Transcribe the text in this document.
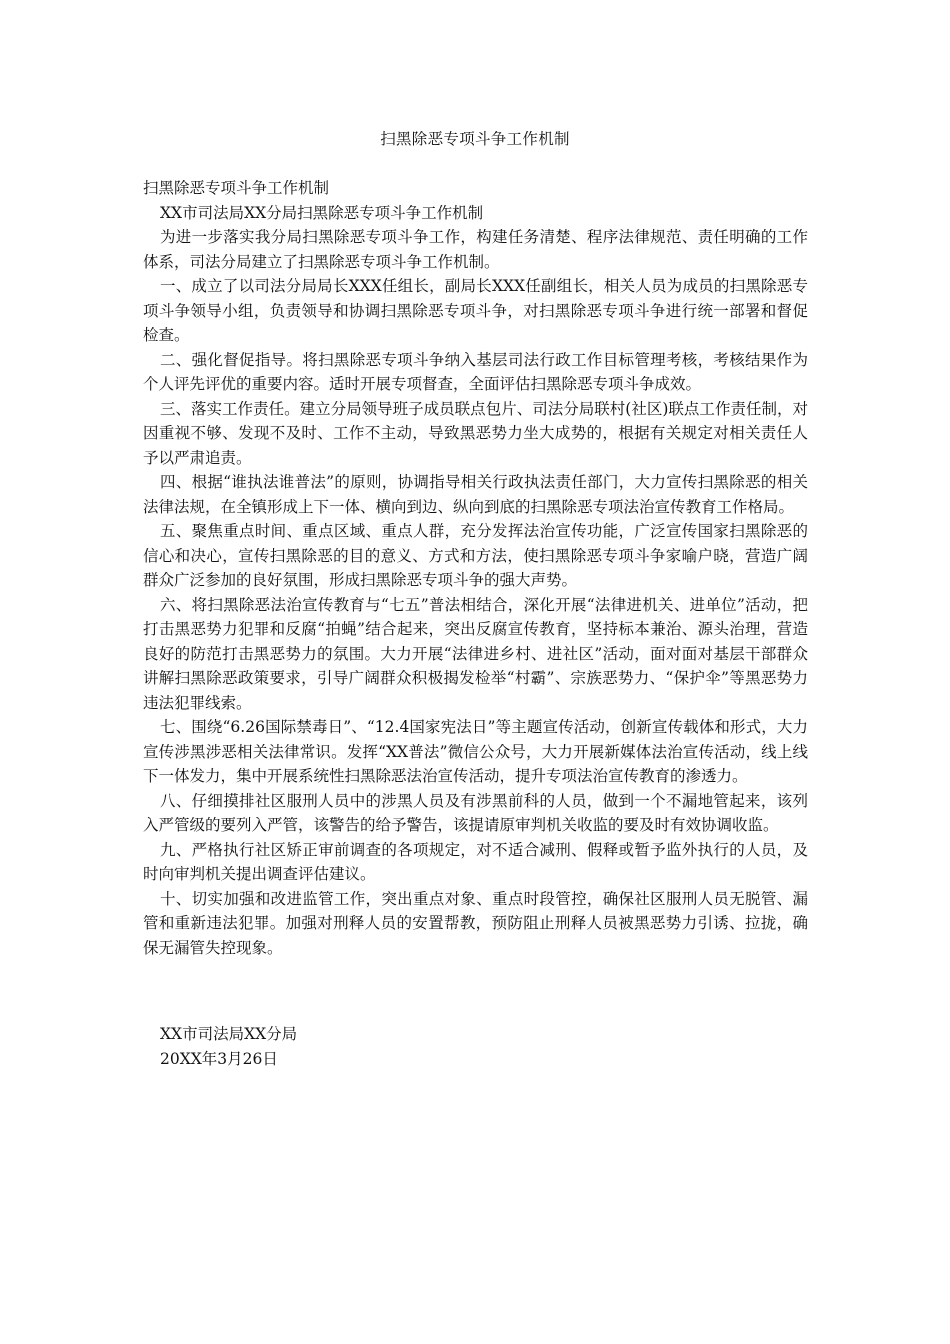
扫黑除恶专项斗争工作机制

扫黑除恶专项斗争工作机制

XX市司法局XX分局扫黑除恶专项斗争工作机制

为进一步落实我分局扫黑除恶专项斗争工作，构建任务清楚、程序法律规范、责任明确的工作体系，司法分局建立了扫黑除恶专项斗争工作机制。

一、成立了以司法分局局长XXX任组长，副局长XXX任副组长，相关人员为成员的扫黑除恶专项斗争领导小组，负责领导和协调扫黑除恶专项斗争，对扫黑除恶专项斗争进行统一部署和督促检查。

二、强化督促指导。将扫黑除恶专项斗争纳入基层司法行政工作目标管理考核，考核结果作为个人评先评优的重要内容。适时开展专项督查，全面评估扫黑除恶专项斗争成效。

三、落实工作责任。建立分局领导班子成员联点包片、司法分局联村(社区)联点工作责任制，对因重视不够、发现不及时、工作不主动，导致黑恶势力坐大成势的，根据有关规定对相关责任人予以严肃追责。

四、根据“谁执法谁普法”的原则，协调指导相关行政执法责任部门，大力宣传扫黑除恶的相关法律法规，在全镇形成上下一体、横向到边、纵向到底的扫黑除恶专项法治宣传教育工作格局。

五、聚焦重点时间、重点区域、重点人群，充分发挥法治宣传功能，广泛宣传国家扫黑除恶的信心和决心，宣传扫黑除恶的目的意义、方式和方法，使扫黑除恶专项斗争家喻户晓，营造广阔群众广泛参加的良好氛围，形成扫黑除恶专项斗争的强大声势。

六、将扫黑除恶法治宣传教育与“七五”普法相结合，深化开展“法律进机关、进单位”活动，把打击黑恶势力犯罪和反腐“拍蝇”结合起来，突出反腐宣传教育，坚持标本兼治、源头治理，营造良好的防范打击黑恶势力的氛围。大力开展“法律进乡村、进社区”活动，面对面对基层干部群众讲解扫黑除恶政策要求，引导广阔群众积极揭发检举“村霸”、宗族恶势力、“保护伞”等黑恶势力违法犯罪线索。

七、围绕“6.26国际禁毒日”、“12.4国家宪法日”等主题宣传活动，创新宣传载体和形式，大力宣传涉黑涉恶相关法律常识。发挥“XX普法”微信公众号，大力开展新媒体法治宣传活动，线上线下一体发力，集中开展系统性扫黑除恶法治宣传活动，提升专项法治宣传教育的渗透力。

八、仔细摸排社区服刑人员中的涉黑人员及有涉黑前科的人员，做到一个不漏地管起来，该列入严管级的要列入严管，该警告的给予警告，该提请原审判机关收监的要及时有效协调收监。

九、严格执行社区矫正审前调查的各项规定，对不适合减刑、假释或暂予监外执行的人员，及时向审判机关提出调查评估建议。

十、切实加强和改进监管工作，突出重点对象、重点时段管控，确保社区服刑人员无脱管、漏管和重新违法犯罪。加强对刑释人员的安置帮教，预防阻止刑释人员被黑恶势力引诱、拉拢，确保无漏管失控现象。

XX市司法局XX分局
20XX年3月26日
